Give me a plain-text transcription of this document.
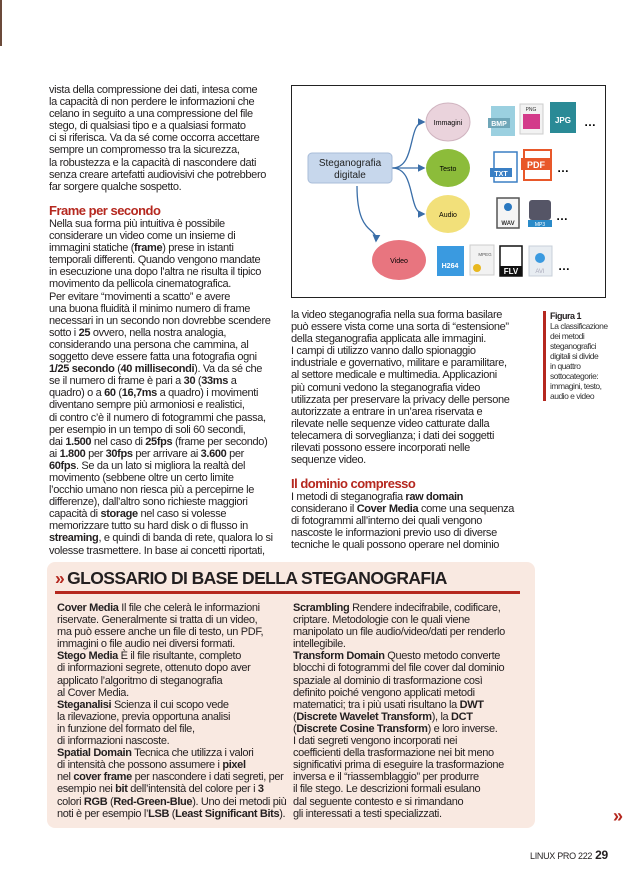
vista della compressione dei dati, intesa come
la capacità di non perdere le informazioni che
celano in seguito a una compressione del file
stego, di qualsiasi tipo e a qualsiasi formato
ci si riferisca. Va da sé come occorra accettare
sempre un compromesso tra la sicurezza,
la robustezza e la capacità di nascondere dati
senza creare artefatti audiovisivi che potrebbero
far sorgere qualche sospetto.
Frame per secondo
Nella sua forma più intuitiva è possibile
considerare un video come un insieme di
immagini statiche (frame) prese in istanti
temporali differenti. Quando vengono mandate
in esecuzione una dopo l’altra ne risulta il tipico
movimento da pellicola cinematografica.
Per evitare “movimenti a scatto” e avere
una buona fluidità il minimo numero di frame
necessari in un secondo non dovrebbe scendere
sotto i 25 ovvero, nella nostra analogia,
considerando una persona che cammina, al
soggetto deve essere fatta una fotografia ogni
1/25 secondo (40 millisecondi). Va da sé che
se il numero di frame è pari a 30 (33ms a
quadro) o a 60 (16,7ms a quadro) i movimenti
diventano sempre più armoniosi e realistici,
di contro c’è il numero di fotogrammi che passa,
per esempio in un tempo di soli 60 secondi,
dai 1.500 nel caso di 25fps (frame per secondo)
ai 1.800 per 30fps per arrivare ai 3.600 per
60fps. Se da un lato si migliora la realtà del
movimento (sebbene oltre un certo limite
l’occhio umano non riesca più a percepirne le
differenze), dall’altro sono richieste maggiori
capacità di storage nel caso si volesse
memorizzare tutto su hard disk o di flusso in
streaming, e quindi di banda di rete, qualora lo si
volesse trasmettere. In base ai concetti riportati,
Steganografia
digitale
Immagini
Testo
Audio
Video
BMP
PNG
JPG …
TXT
PDF …
WAV	MP3
…
H264
MPEG
FLV	AVI …
Figura 1
La classificazione
dei metodi
steganografici
digitali si divide
in quattro
sottocategorie:
immagini, testo,
audio e video
la video steganografia nella sua forma basilare
può essere vista come una sorta di “estensione”
della steganografia applicata alle immagini.
I campi di utilizzo vanno dallo spionaggio
industriale e governativo, militare e paramilitare,
al settore medicale e multimedia. Applicazioni
più comuni vedono la steganografia video
utilizzata per preservare la privacy delle persone
autorizzate a entrare in un’area riservata e
rilevate nelle sequenze video catturate dalla
telecamera di sorveglianza; i dati dei soggetti
rilevati possono essere incorporati nelle
sequenze video.
Il dominio compresso
I metodi di steganografia raw domain
considerano il Cover Media come una sequenza
di fotogrammi all’interno dei quali vengono
nascoste le informazioni previo uso di diverse
tecniche le quali possono operare nel dominio
» GLOSSARIO DI BASE DELLA STEGANOGRAFIA
Cover Media Il file che celerà le informazioni
riservate. Generalmente si tratta di un video,
ma può essere anche un file di testo, un PDF,
immagini o file audio nei diversi formati.
Stego Media È il file risultante, completo
di informazioni segrete, ottenuto dopo aver
applicato l’algoritmo di steganografia
al Cover Media.
Steganalisi Scienza il cui scopo vede
la rilevazione, previa opportuna analisi
in funzione del formato del file,
di informazioni nascoste.
Spatial Domain Tecnica che utilizza i valori
di intensità che possono assumere i pixel
nel cover frame per nascondere i dati segreti, per
esempio nei bit dell’intensità del colore per i 3
colori RGB (Red-Green-Blue). Uno dei metodi più
noti è per esempio l’LSB (Least Significant Bits).
Scrambling Rendere indecifrabile, codificare,
criptare. Metodologie con le quali viene
manipolato un file audio/video/dati per renderlo
intellegibile.
Transform Domain Questo metodo converte
blocchi di fotogrammi del file cover dal dominio
spaziale al dominio di trasformazione così
definito poiché vengono applicati metodi
matematici; tra i più usati risultano la DWT
(Discrete Wavelet Transform), la DCT
(Discrete Cosine Transform) e loro inverse.
I dati segreti vengono incorporati nei
coefficienti della trasformazione nei bit meno
significativi prima di eseguire la trasformazione
inversa e il “riassemblaggio” per produrre
il file stego. Le descrizioni formali esulano
dal seguente contesto e si rimandano
gli interessati a testi specializzati.	»
LINUX PRO 222 29
